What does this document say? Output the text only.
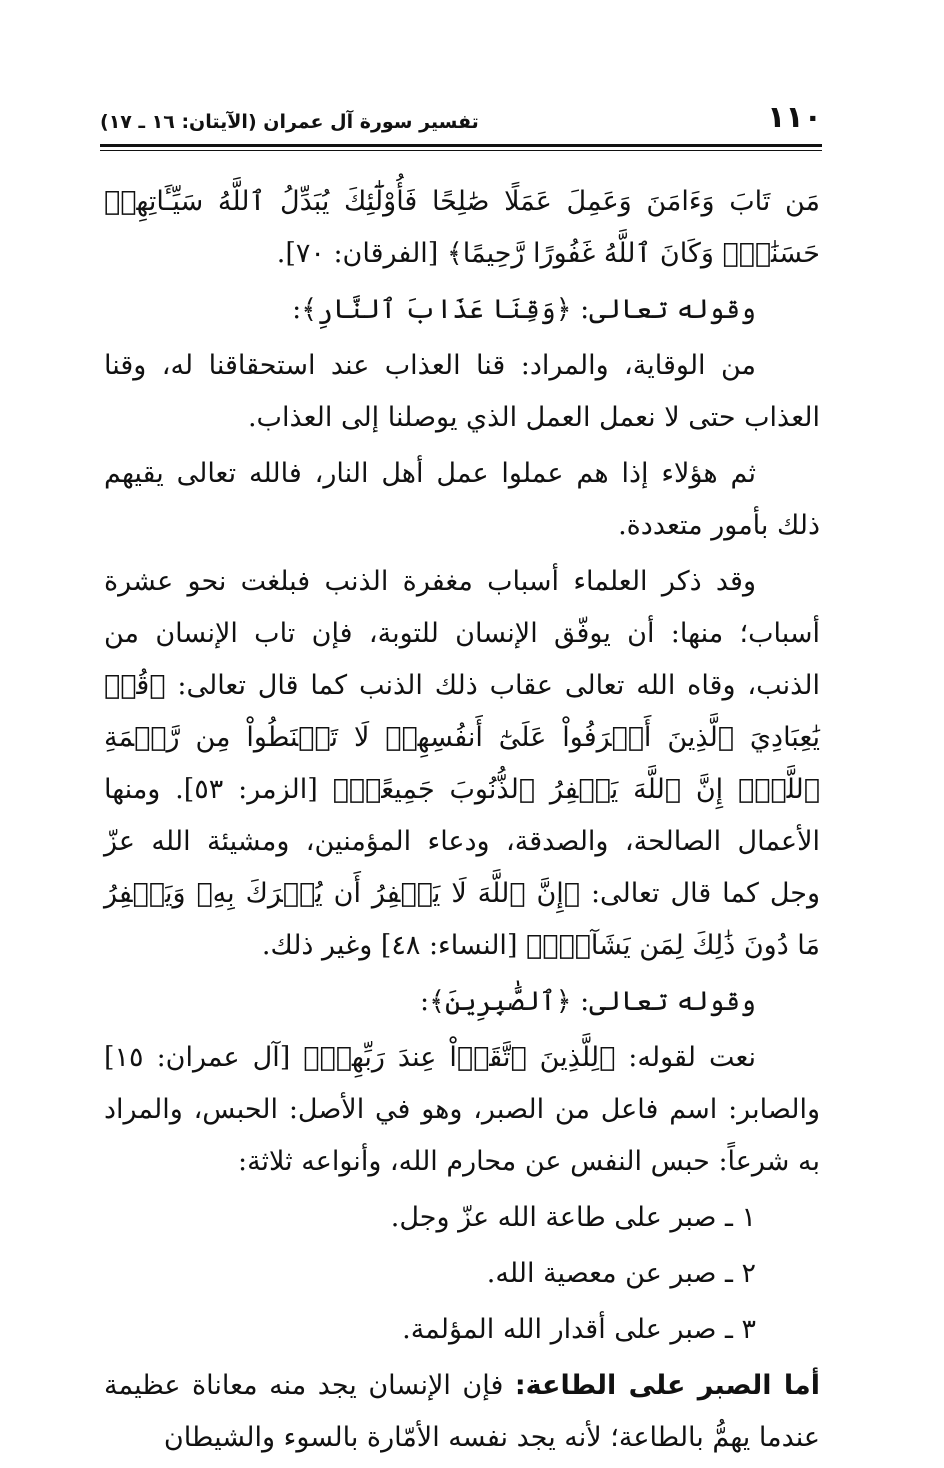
١١٠
تفسير سورة آل عمران (الآيتان: ١٦ ـ ١٧)

مَن تَابَ وَءَامَنَ وَعَمِلَ عَمَلًا صَٰلِحًا فَأُوْلَٰٓئِكَ يُبَدِّلُ ٱللَّهُ سَيِّـَٔاتِهِمۡ حَسَنَٰتٖۗ وَكَانَ ٱللَّهُ غَفُورًا رَّحِيمًا﴾ [الفرقان: ٧٠].

وقوله تعالى: ﴿وَقِنَا عَذَابَ ٱلنَّارِ﴾:

من الوقاية، والمراد: قنا العذاب عند استحقاقنا له، وقنا العذاب حتى لا نعمل العمل الذي يوصلنا إلى العذاب.

ثم هؤلاء إذا هم عملوا عمل أهل النار، فالله تعالى يقيهم ذلك بأمور متعددة.

وقد ذكر العلماء أسباب مغفرة الذنب فبلغت نحو عشرة أسباب؛ منها: أن يوفّق الإنسان للتوبة، فإن تاب الإنسان من الذنب، وقاه الله تعالى عقاب ذلك الذنب كما قال تعالى: ﴿قُلۡ يَٰعِبَادِيَ ٱلَّذِينَ أَسۡرَفُواْ عَلَىٰٓ أَنفُسِهِمۡ لَا تَقۡنَطُواْ مِن رَّحۡمَةِ ٱللَّهِۚ إِنَّ ٱللَّهَ يَغۡفِرُ ٱلذُّنُوبَ جَمِيعًاۚ﴾ [الزمر: ٥٣]. ومنها الأعمال الصالحة، والصدقة، ودعاء المؤمنين، ومشيئة الله عزّ وجل كما قال تعالى: ﴿إِنَّ ٱللَّهَ لَا يَغۡفِرُ أَن يُشۡرَكَ بِهِۦ وَيَغۡفِرُ مَا دُونَ ذَٰلِكَ لِمَن يَشَآءُۚ﴾ [النساء: ٤٨] وغير ذلك.

وقوله تعالى: ﴿ٱلصَّٰبِرِينَ﴾:

نعت لقوله: ﴿لِلَّذِينَ ٱتَّقَوۡاْ عِندَ رَبِّهِمۡ﴾ [آل عمران: ١٥] والصابر: اسم فاعل من الصبر، وهو في الأصل: الحبس، والمراد به شرعاً: حبس النفس عن محارم الله، وأنواعه ثلاثة:

١ ـ صبر على طاعة الله عزّ وجل.

٢ ـ صبر عن معصية الله.

٣ ـ صبر على أقدار الله المؤلمة.

أما الصبر على الطاعة: فإن الإنسان يجد منه معاناة عظيمة عندما يهمُّ بالطاعة؛ لأنه يجد نفسه الأمّارة بالسوء والشيطان
